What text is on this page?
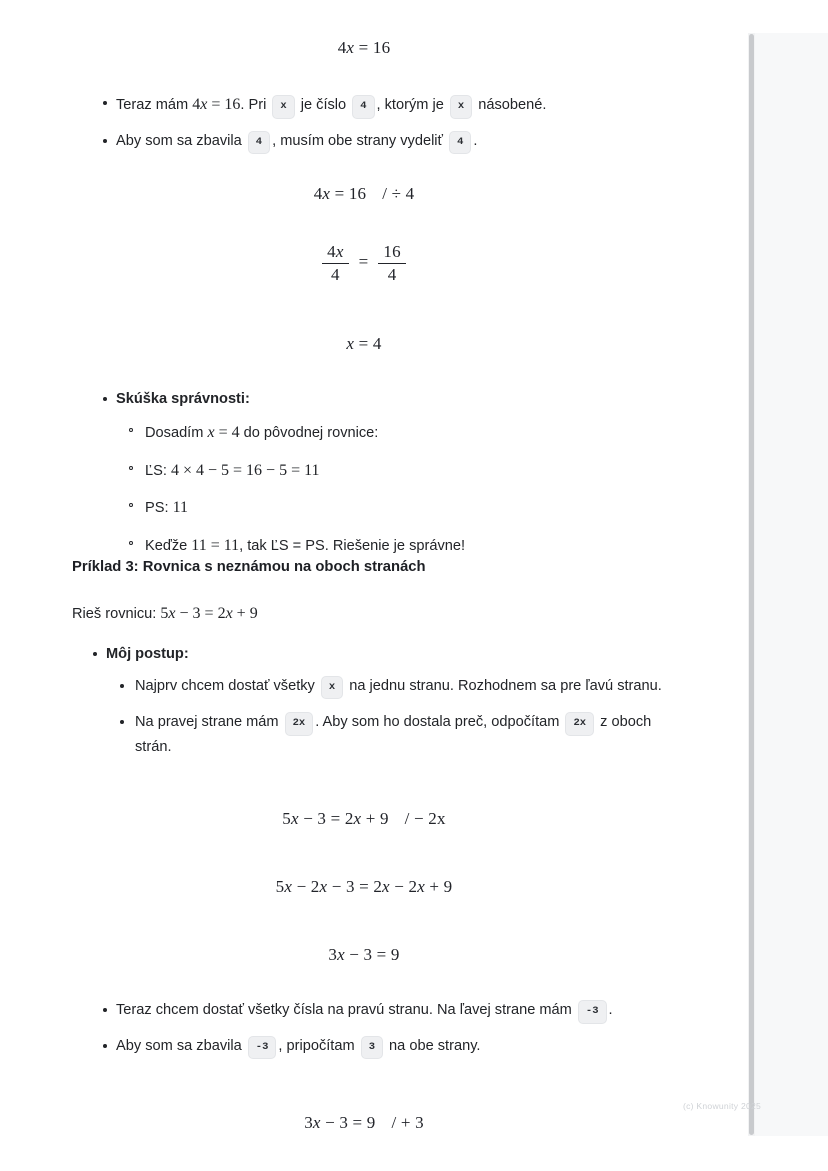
4x = 16
Teraz mám 4x = 16. Pri x je číslo 4 , ktorým je x násobené.
Aby som sa zbavila 4 , musím obe strany vydeliť 4 .
4x = 16 / ÷ 4
$\frac{4x}{4} = \frac{16}{4}$
x = 4
Skúška správnosti:
Dosadím x = 4 do pôvodnej rovnice:
ĽS: 4 × 4 − 5 = 16 − 5 = 11
PS: 11
Keďže 11 = 11, tak ĽS = PS. Riešenie je správne!
Príklad 3: Rovnica s neznámou na oboch stranách
Rieš rovnicu: 5x − 3 = 2x + 9
Môj postup:
Najprv chcem dostať všetky x na jednu stranu. Rozhodnem sa pre ľavú stranu.
Na pravej strane mám 2x . Aby som ho dostala preč, odpočítam 2x z oboch strán.
5x − 3 = 2x + 9 / − 2x
5x − 2x − 3 = 2x − 2x + 9
3x − 3 = 9
Teraz chcem dostať všetky čísla na pravú stranu. Na ľavej strane mám -3 .
Aby som sa zbavila -3 , pripočítam 3 na obe strany.
3x − 3 = 9 / + 3
(c) Knowunity 2025
